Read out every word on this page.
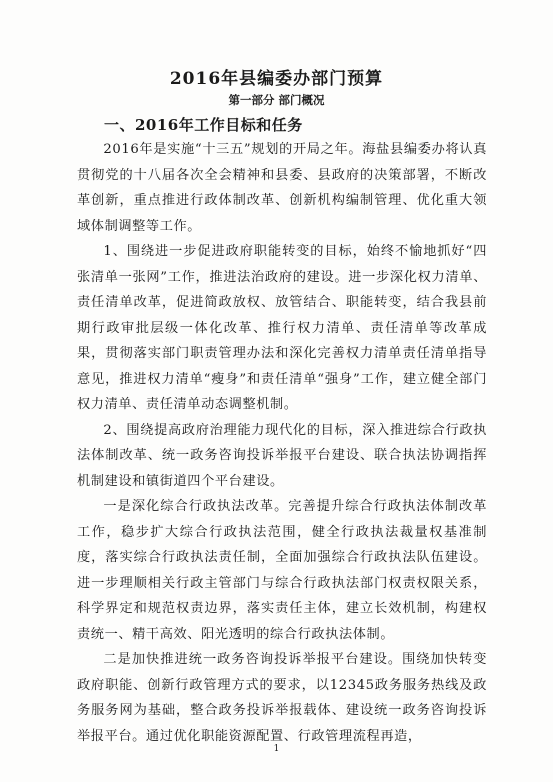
2016年县编委办部门预算
第一部分 部门概况
一、2016年工作目标和任务

2016年是实施“十三五”规划的开局之年。海盐县编委办将认真贯彻党的十八届各次全会精神和县委、县政府的决策部署，不断改革创新，重点推进行政体制改革、创新机构编制管理、优化重大领域体制调整等工作。

1、围绕进一步促进政府职能转变的目标，始终不愉地抓好“四张清单一张网”工作，推进法治政府的建设。进一步深化权力清单、责任清单改革，促进简政放权、放管结合、职能转变，结合我县前期行政审批层级一体化改革、推行权力清单、责任清单等改革成果，贯彻落实部门职责管理办法和深化完善权力清单责任清单指导意见，推进权力清单“瘦身”和责任清单“强身”工作，建立健全部门权力清单、责任清单动态调整机制。

2、围绕提高政府治理能力现代化的目标，深入推进综合行政执法体制改革、统一政务咨询投诉举报平台建设、联合执法协调指挥机制建设和镇街道四个平台建设。

一是深化综合行政执法改革。完善提升综合行政执法体制改革工作，稳步扩大综合行政执法范围，健全行政执法裁量权基准制度，落实综合行政执法责任制，全面加强综合行政执法队伍建设。进一步理顺相关行政主管部门与综合行政执法部门权责权限关系，科学界定和规范权责边界，落实责任主体，建立长效机制，构建权责统一、精干高效、阳光透明的综合行政执法体制。

二是加快推进统一政务咨询投诉举报平台建设。围绕加快转变政府职能、创新行政管理方式的要求，以12345政务服务热线及政务服务网为基础，整合政务投诉举报载体、建设统一政务咨询投诉举报平台。通过优化职能资源配置、行政管理流程再造，

1
